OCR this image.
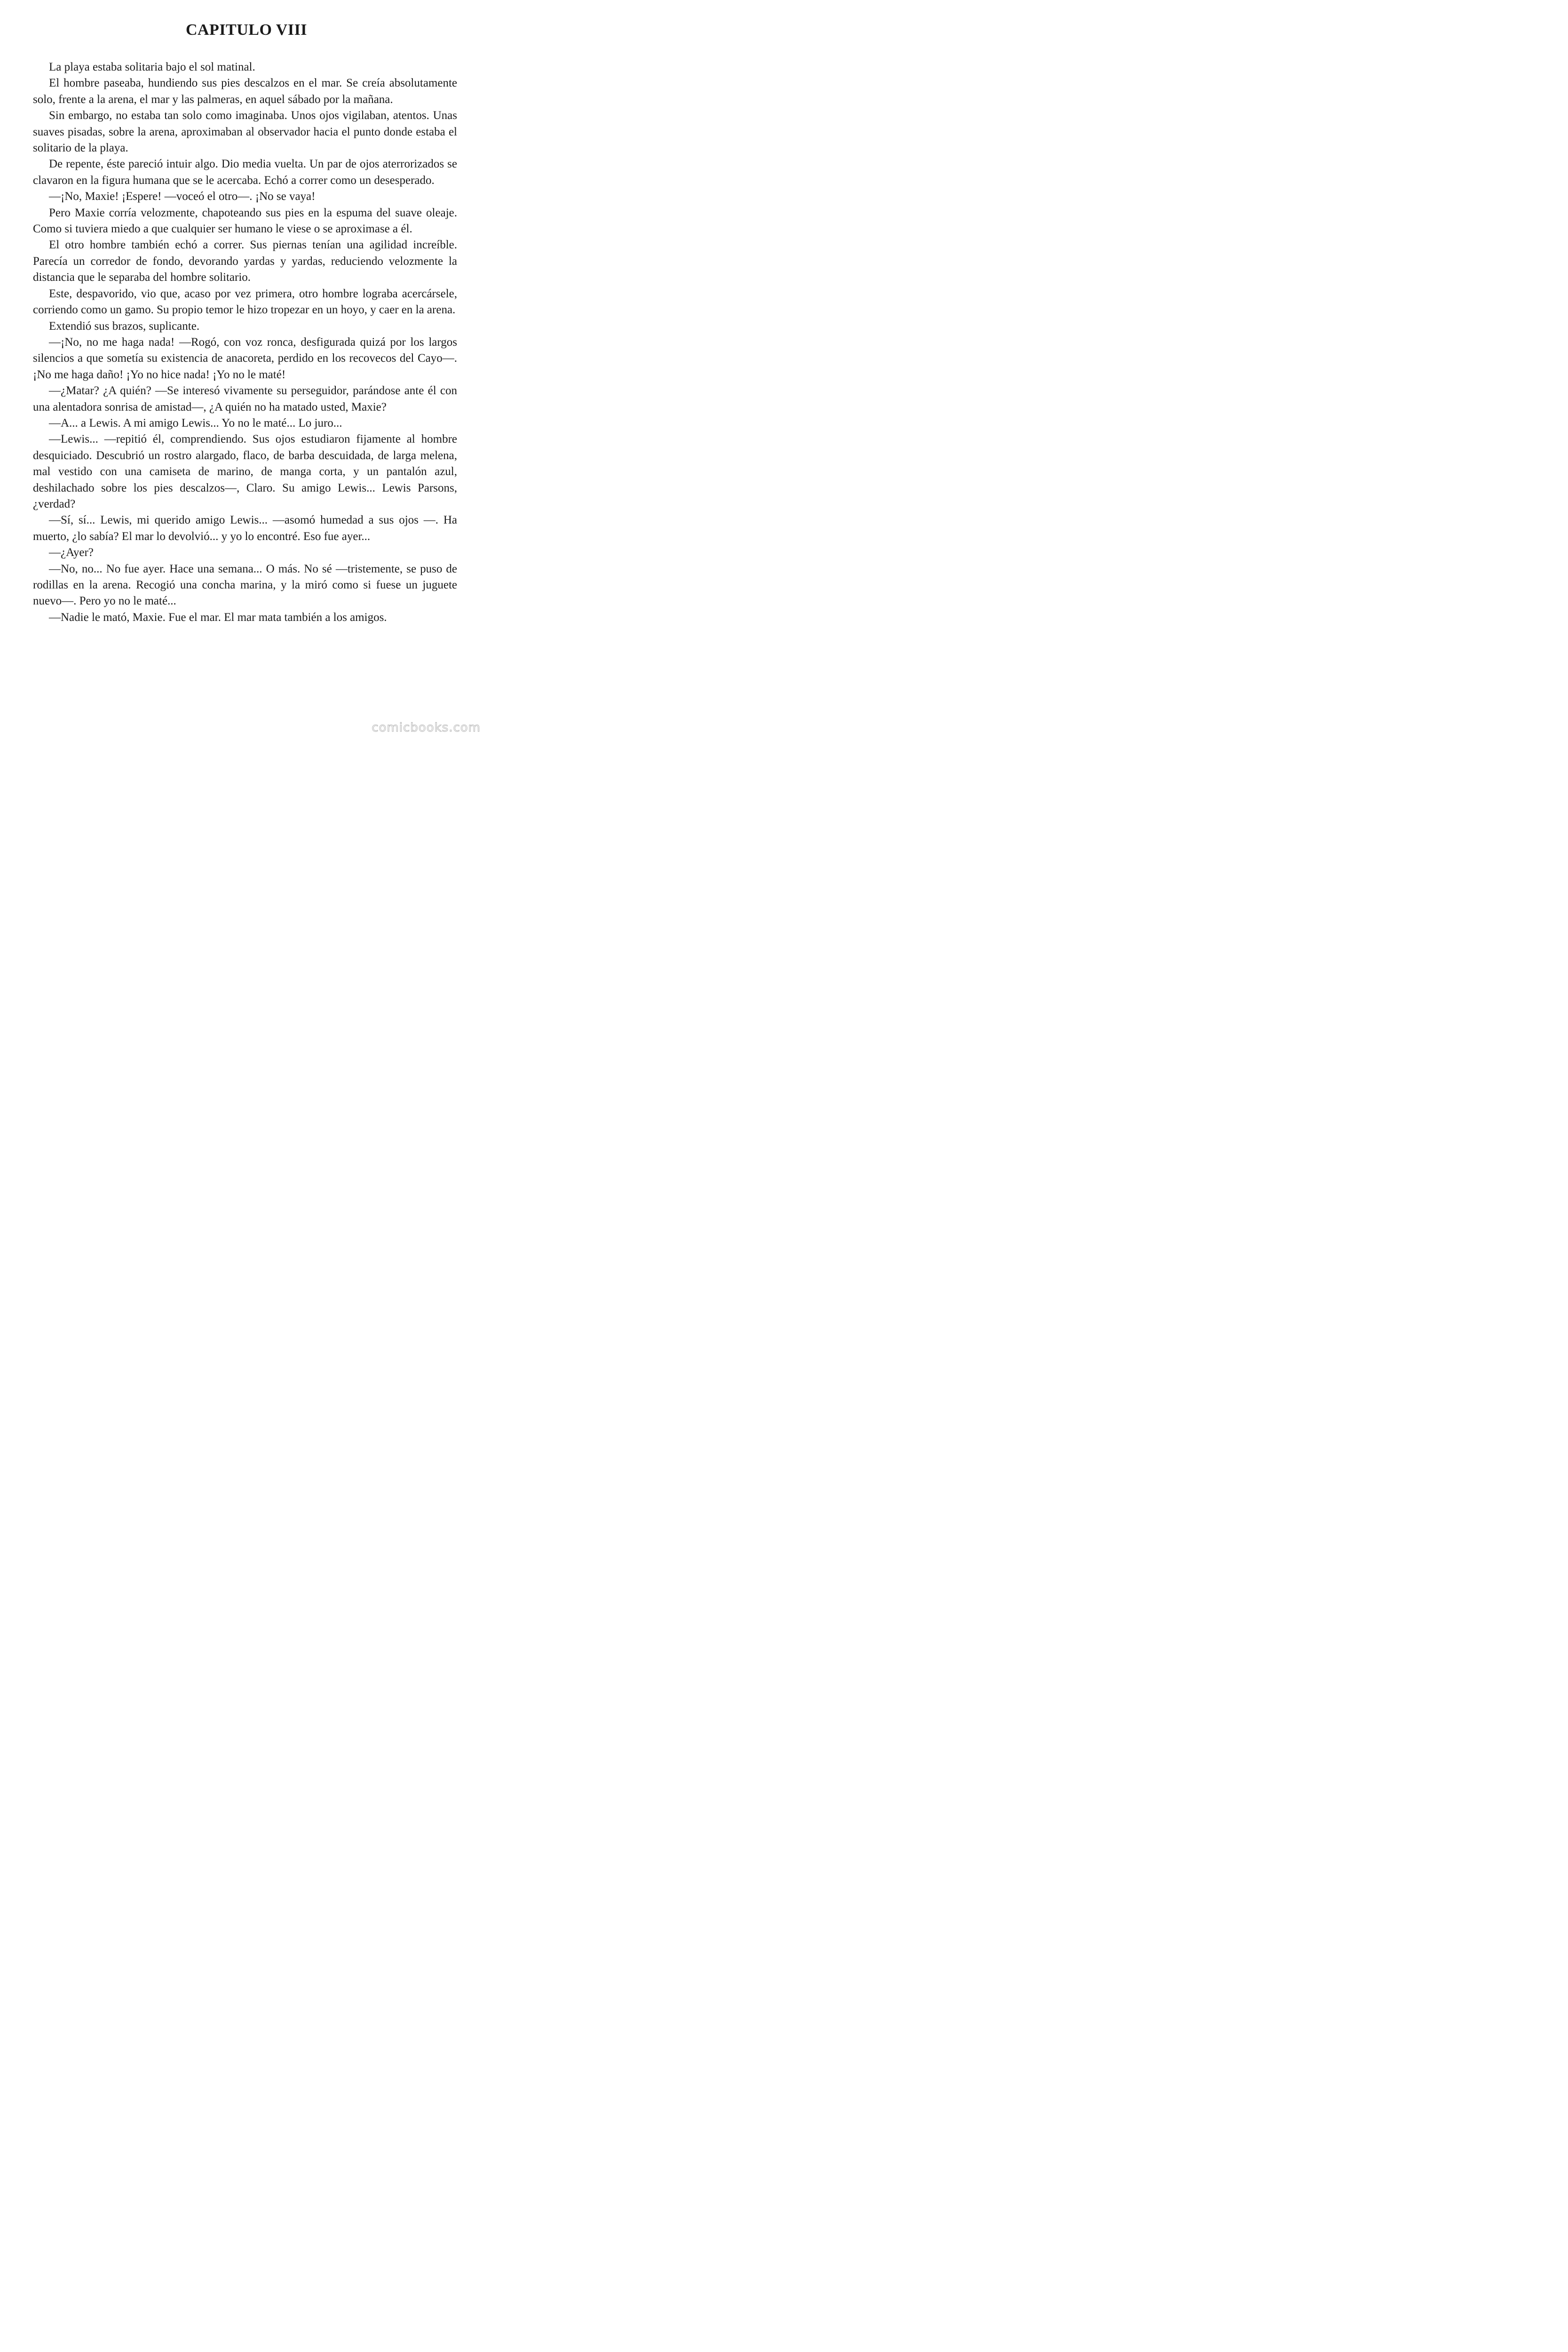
CAPITULO VIII

La playa estaba solitaria bajo el sol matinal.

El hombre paseaba, hundiendo sus pies descalzos en el mar. Se creía absolutamente solo, frente a la arena, el mar y las palmeras, en aquel sábado por la mañana.

Sin embargo, no estaba tan solo como imaginaba. Unos ojos vigilaban, atentos. Unas suaves pisadas, sobre la arena, aproximaban al observador hacia el punto donde estaba el solitario de la playa.

De repente, éste pareció intuir algo. Dio media vuelta. Un par de ojos aterrorizados se clavaron en la figura humana que se le acercaba. Echó a correr como un desesperado.

—¡No, Maxie! ¡Espere! —voceó el otro—. ¡No se vaya!

Pero Maxie corría velozmente, chapoteando sus pies en la espuma del suave oleaje. Como si tuviera miedo a que cualquier ser humano le viese o se aproximase a él.

El otro hombre también echó a correr. Sus piernas tenían una agilidad increíble. Parecía un corredor de fondo, devorando yardas y yardas, reduciendo velozmente la distancia que le separaba del hombre solitario.

Este, despavorido, vio que, acaso por vez primera, otro hombre lograba acercársele, corriendo como un gamo. Su propio temor le hizo tropezar en un hoyo, y caer en la arena.

Extendió sus brazos, suplicante.

—¡No, no me haga nada! —Rogó, con voz ronca, desfigurada quizá por los largos silencios a que sometía su existencia de anacoreta, perdido en los recovecos del Cayo—. ¡No me haga daño! ¡Yo no hice nada! ¡Yo no le maté!

—¿Matar? ¿A quién? —Se interesó vivamente su perseguidor, parándose ante él con una alentadora sonrisa de amistad—, ¿A quién no ha matado usted, Maxie?

—A... a Lewis. A mi amigo Lewis... Yo no le maté... Lo juro...

—Lewis... —repitió él, comprendiendo. Sus ojos estudiaron fijamente al hombre desquiciado. Descubrió un rostro alargado, flaco, de barba descuidada, de larga melena, mal vestido con una camiseta de marino, de manga corta, y un pantalón azul, deshilachado sobre los pies descalzos—, Claro. Su amigo Lewis... Lewis Parsons, ¿verdad?

—Sí, sí... Lewis, mi querido amigo Lewis... —asomó humedad a sus ojos —. Ha muerto, ¿lo sabía? El mar lo devolvió... y yo lo encontré. Eso fue ayer...

—¿Ayer?

—No, no... No fue ayer. Hace una semana... O más. No sé —tristemente, se puso de rodillas en la arena. Recogió una concha marina, y la miró como si fuese un juguete nuevo—. Pero yo no le maté...

—Nadie le mató, Maxie. Fue el mar. El mar mata también a los amigos.

comicbooks.com
